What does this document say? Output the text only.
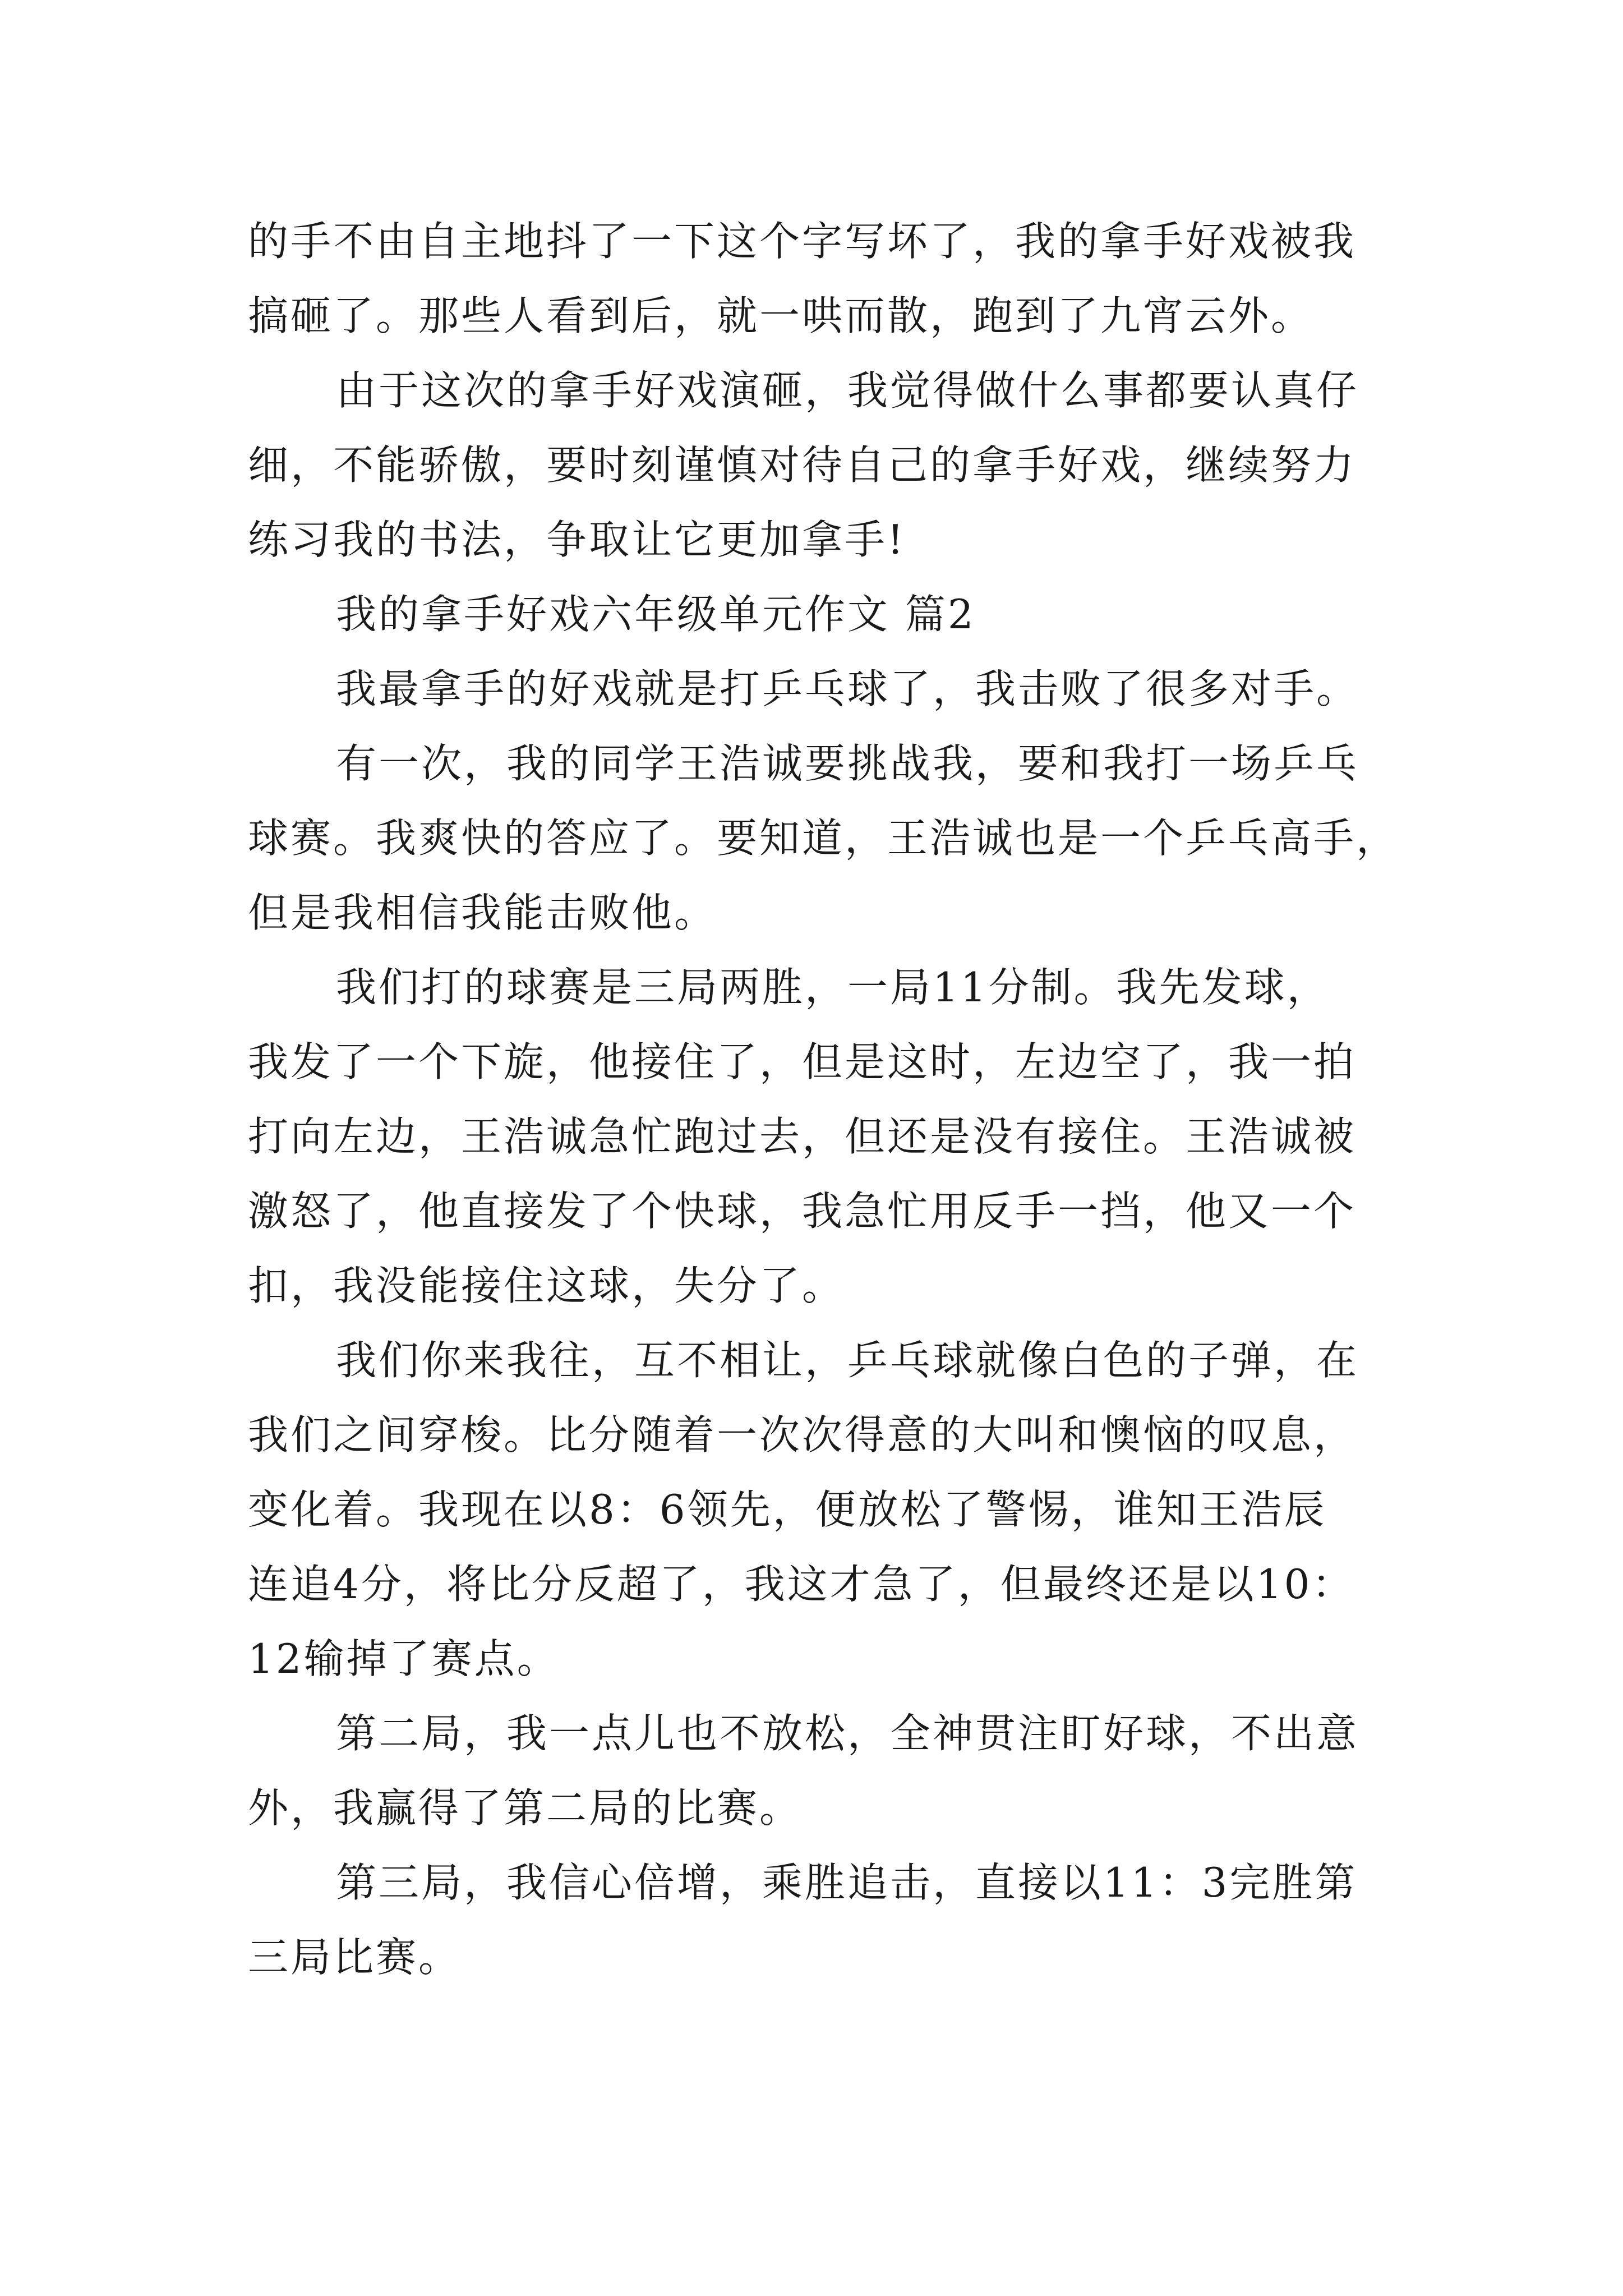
的手不由自主地抖了一下这个字写坏了，我的拿手好戏被我

搞砸了。那些人看到后，就一哄而散，跑到了九宵云外。

由于这次的拿手好戏演砸，我觉得做什么事都要认真仔

细，不能骄傲，要时刻谨慎对待自己的拿手好戏，继续努力

练习我的书法，争取让它更加拿手!

我的拿手好戏六年级单元作文 篇2

我最拿手的好戏就是打乒乓球了，我击败了很多对手。

有一次，我的同学王浩诚要挑战我，要和我打一场乒乓

球赛。我爽快的答应了。要知道，王浩诚也是一个乒乓高手，

但是我相信我能击败他。

我们打的球赛是三局两胜，一局11分制。我先发球，

我发了一个下旋，他接住了，但是这时，左边空了，我一拍

打向左边，王浩诚急忙跑过去，但还是没有接住。王浩诚被

激怒了，他直接发了个快球，我急忙用反手一挡，他又一个

扣，我没能接住这球，失分了。

我们你来我往，互不相让，乒乓球就像白色的子弹，在

我们之间穿梭。比分随着一次次得意的大叫和懊恼的叹息，

变化着。我现在以8：6领先，便放松了警惕，谁知王浩辰

连追4分，将比分反超了，我这才急了，但最终还是以10：

12输掉了赛点。

第二局，我一点儿也不放松，全神贯注盯好球，不出意

外，我赢得了第二局的比赛。

第三局，我信心倍增，乘胜追击，直接以11：3完胜第

三局比赛。
